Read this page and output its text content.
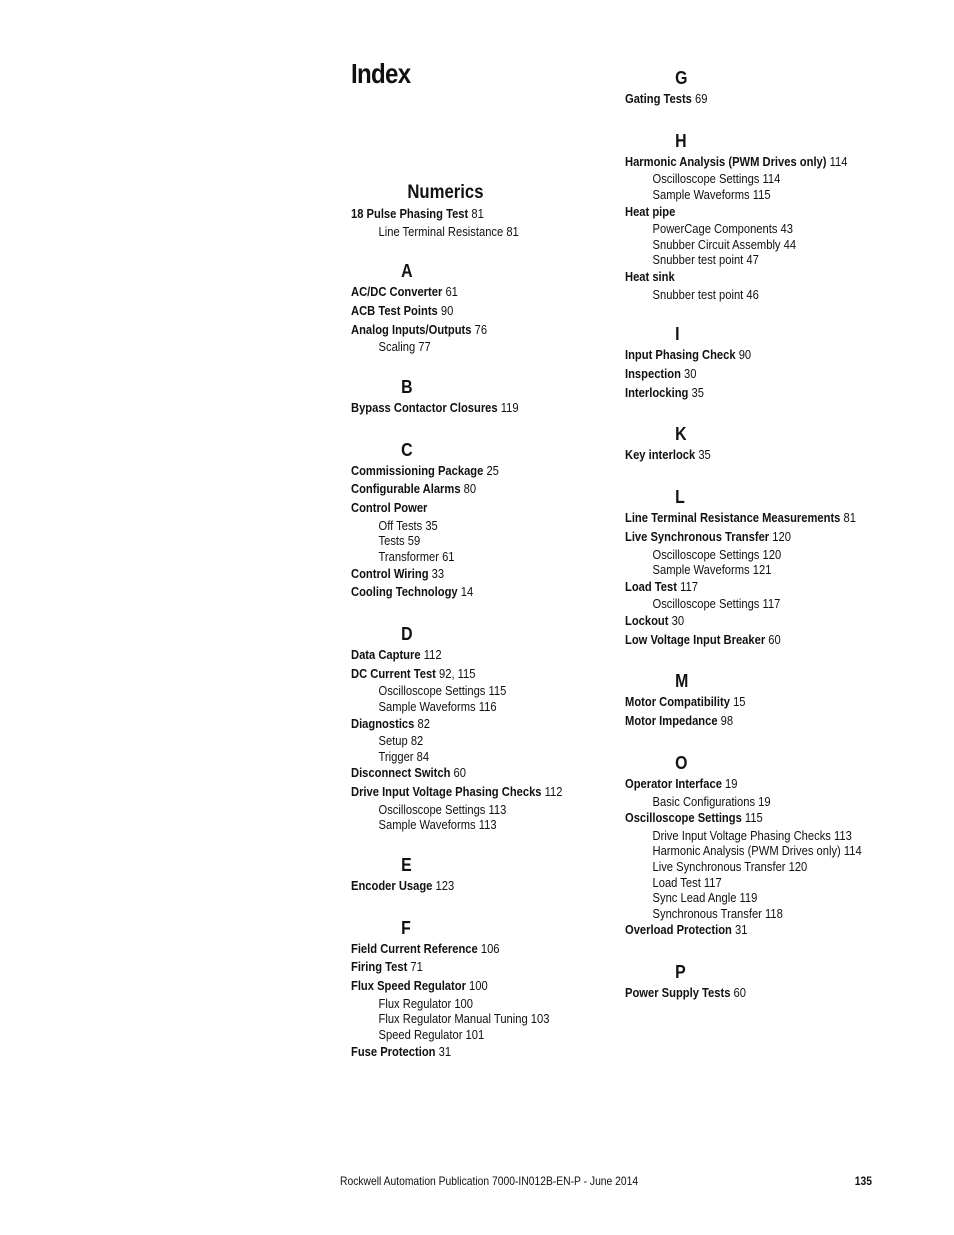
Index
Numerics
18 Pulse Phasing Test 81
Line Terminal Resistance 81
A
AC/DC Converter 61
ACB Test Points 90
Analog Inputs/Outputs 76
Scaling 77
B
Bypass Contactor Closures 119
C
Commissioning Package 25
Configurable Alarms 80
Control Power
Off Tests 35
Tests 59
Transformer 61
Control Wiring 33
Cooling Technology 14
D
Data Capture 112
DC Current Test 92, 115
Oscilloscope Settings 115
Sample Waveforms 116
Diagnostics 82
Setup 82
Trigger 84
Disconnect Switch 60
Drive Input Voltage Phasing Checks 112
Oscilloscope Settings 113
Sample Waveforms 113
E
Encoder Usage 123
F
Field Current Reference 106
Firing Test 71
Flux Speed Regulator 100
Flux Regulator 100
Flux Regulator Manual Tuning 103
Speed Regulator 101
Fuse Protection 31
G
Gating Tests 69
H
Harmonic Analysis (PWM Drives only) 114
Oscilloscope Settings 114
Sample Waveforms 115
Heat pipe
PowerCage Components 43
Snubber Circuit Assembly 44
Snubber test point 47
Heat sink
Snubber test point 46
I
Input Phasing Check 90
Inspection 30
Interlocking 35
K
Key interlock 35
L
Line Terminal Resistance Measurements 81
Live Synchronous Transfer 120
Oscilloscope Settings 120
Sample Waveforms 121
Load Test 117
Oscilloscope Settings 117
Lockout 30
Low Voltage Input Breaker 60
M
Motor Compatibility 15
Motor Impedance 98
O
Operator Interface 19
Basic Configurations 19
Oscilloscope Settings 115
Drive Input Voltage Phasing Checks 113
Harmonic Analysis (PWM Drives only) 114
Live Synchronous Transfer 120
Load Test 117
Sync Lead Angle 119
Synchronous Transfer 118
Overload Protection 31
P
Power Supply Tests 60
Rockwell Automation Publication 7000-IN012B-EN-P - June 2014	135
